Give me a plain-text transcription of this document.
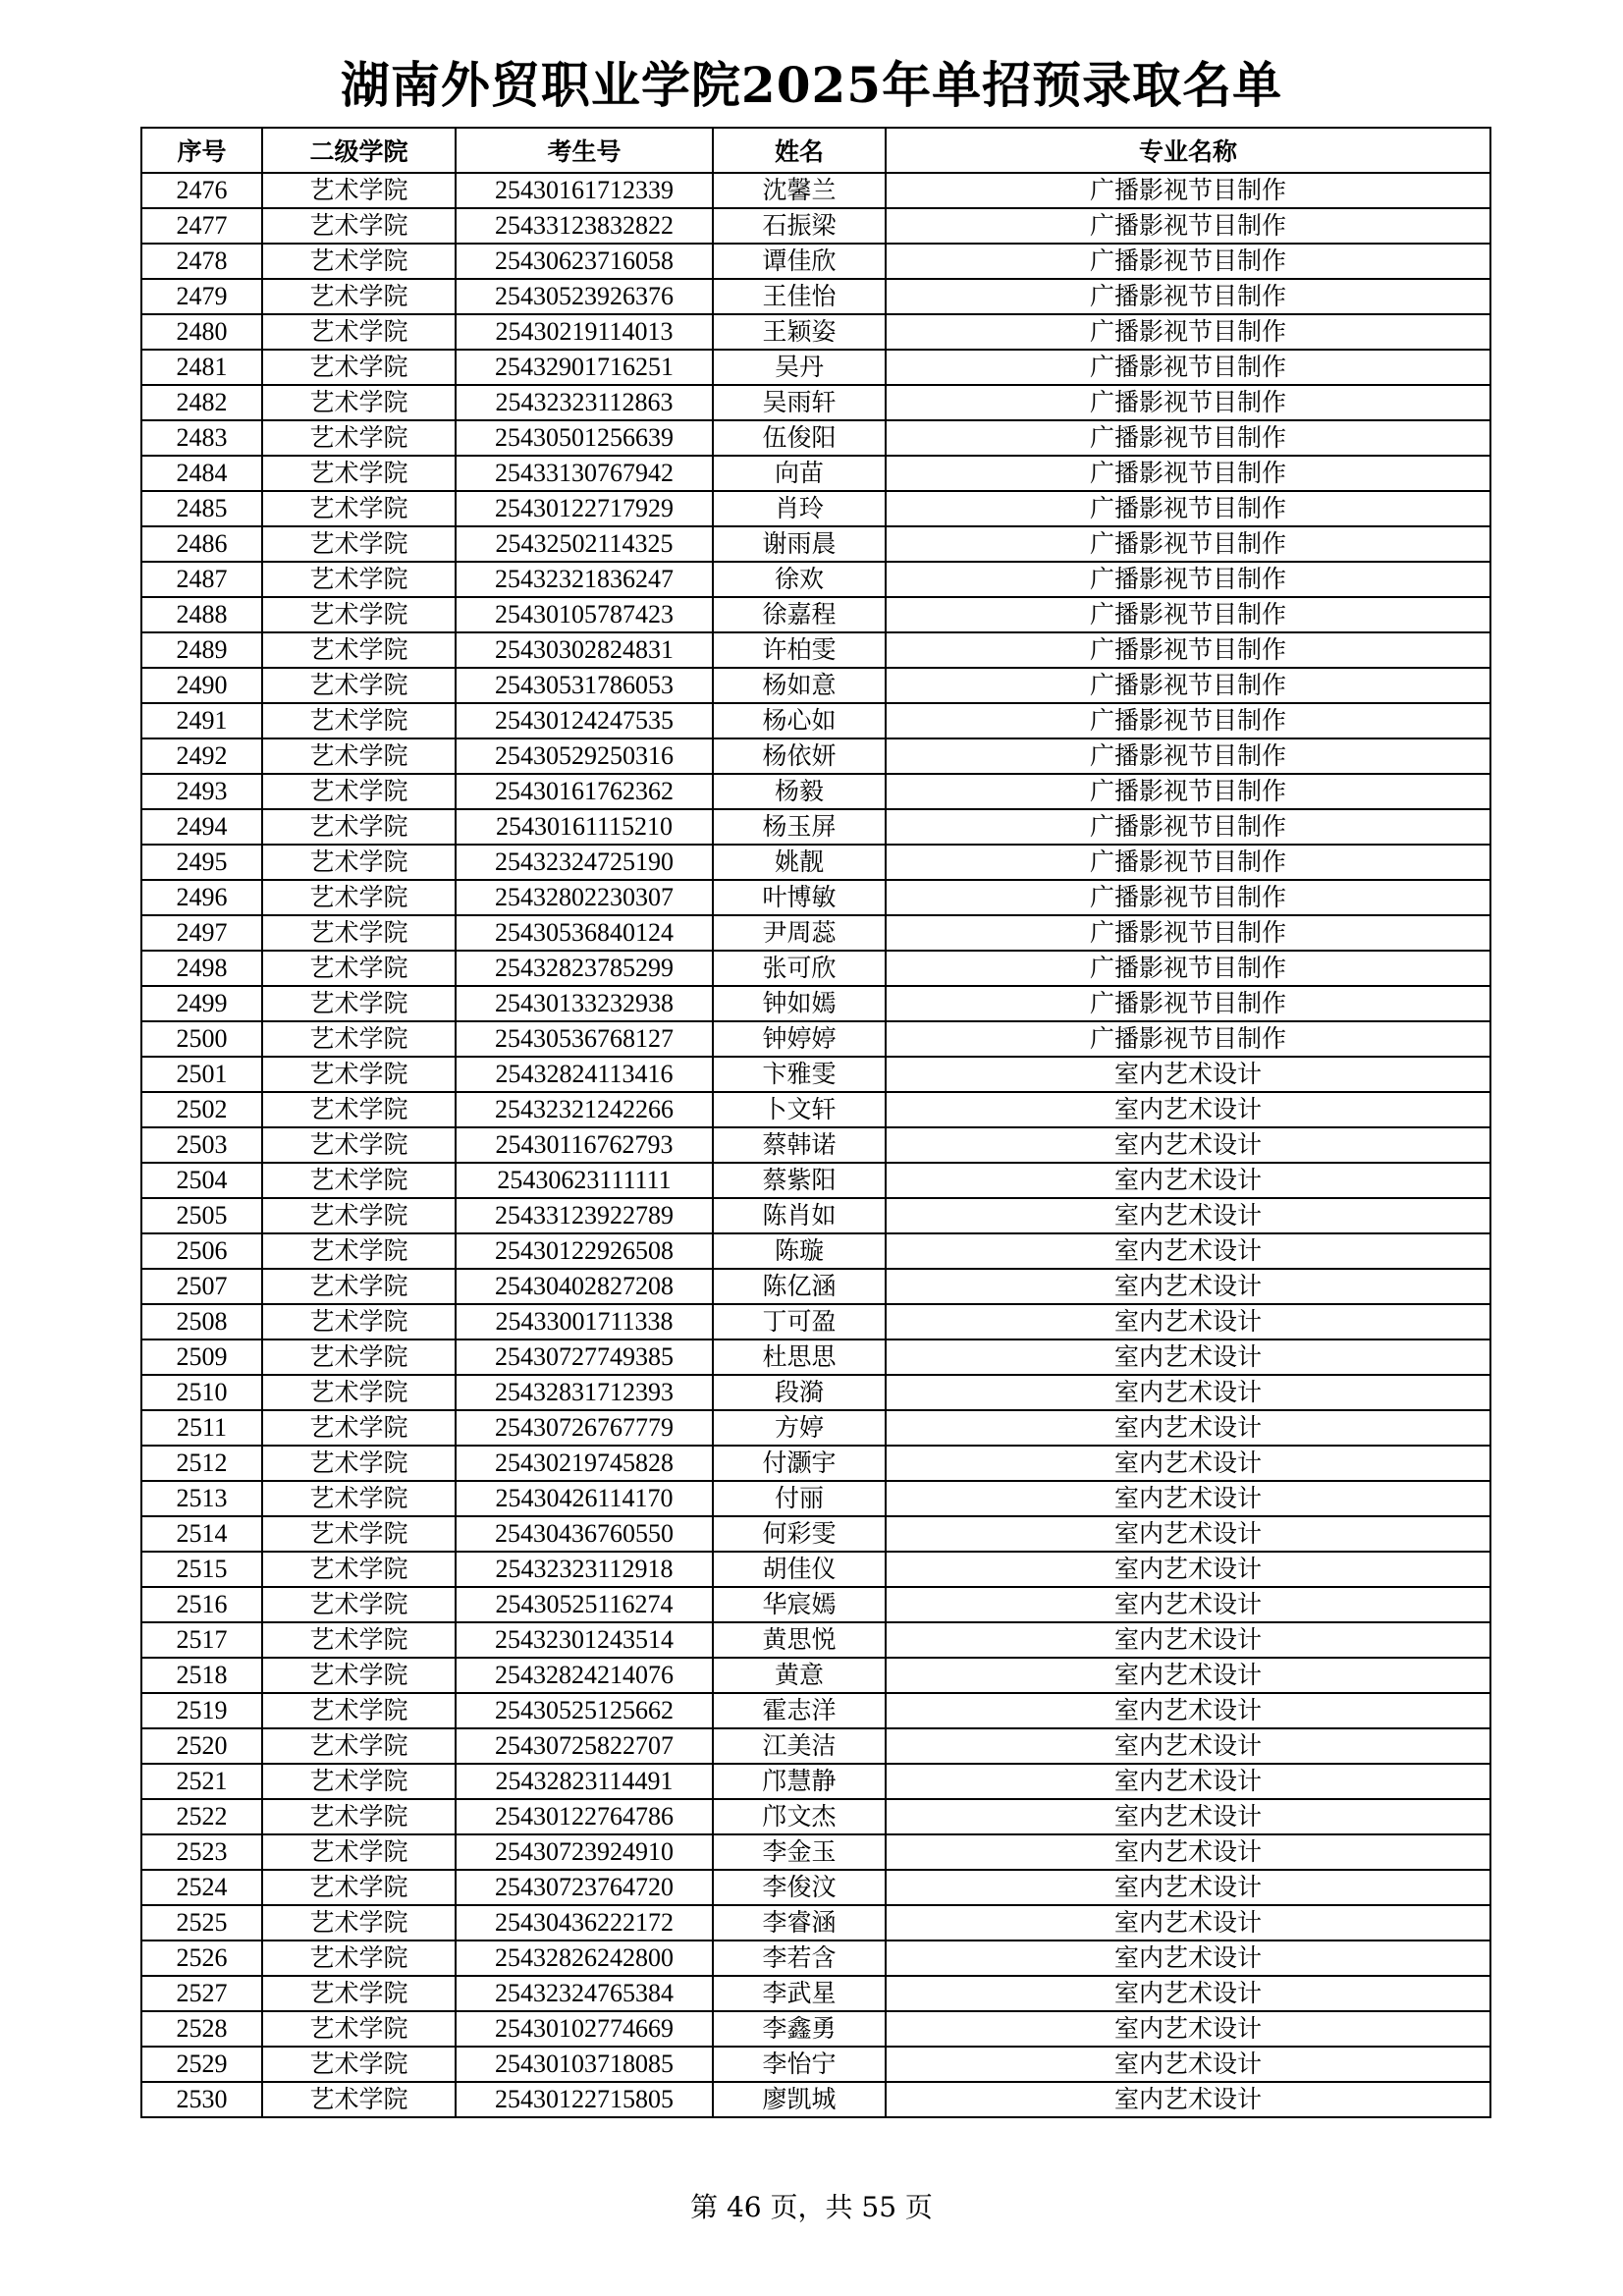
湖南外贸职业学院2025年单招预录取名单
序号	二级学院	考生号	姓名	专业名称
2476	艺术学院	25430161712339	沈馨兰	广播影视节目制作
2477	艺术学院	25433123832822	石振梁	广播影视节目制作
2478	艺术学院	25430623716058	谭佳欣	广播影视节目制作
2479	艺术学院	25430523926376	王佳怡	广播影视节目制作
2480	艺术学院	25430219114013	王颖姿	广播影视节目制作
2481	艺术学院	25432901716251	吴丹	广播影视节目制作
2482	艺术学院	25432323112863	吴雨轩	广播影视节目制作
2483	艺术学院	25430501256639	伍俊阳	广播影视节目制作
2484	艺术学院	25433130767942	向苗	广播影视节目制作
2485	艺术学院	25430122717929	肖玲	广播影视节目制作
2486	艺术学院	25432502114325	谢雨晨	广播影视节目制作
2487	艺术学院	25432321836247	徐欢	广播影视节目制作
2488	艺术学院	25430105787423	徐嘉程	广播影视节目制作
2489	艺术学院	25430302824831	许柏雯	广播影视节目制作
2490	艺术学院	25430531786053	杨如意	广播影视节目制作
2491	艺术学院	25430124247535	杨心如	广播影视节目制作
2492	艺术学院	25430529250316	杨依妍	广播影视节目制作
2493	艺术学院	25430161762362	杨毅	广播影视节目制作
2494	艺术学院	25430161115210	杨玉屏	广播影视节目制作
2495	艺术学院	25432324725190	姚靓	广播影视节目制作
2496	艺术学院	25432802230307	叶博敏	广播影视节目制作
2497	艺术学院	25430536840124	尹周蕊	广播影视节目制作
2498	艺术学院	25432823785299	张可欣	广播影视节目制作
2499	艺术学院	25430133232938	钟如嫣	广播影视节目制作
2500	艺术学院	25430536768127	钟婷婷	广播影视节目制作
2501	艺术学院	25432824113416	卞雅雯	室内艺术设计
2502	艺术学院	25432321242266	卜文轩	室内艺术设计
2503	艺术学院	25430116762793	蔡韩诺	室内艺术设计
2504	艺术学院	25430623111111	蔡紫阳	室内艺术设计
2505	艺术学院	25433123922789	陈肖如	室内艺术设计
2506	艺术学院	25430122926508	陈璇	室内艺术设计
2507	艺术学院	25430402827208	陈亿涵	室内艺术设计
2508	艺术学院	25433001711338	丁可盈	室内艺术设计
2509	艺术学院	25430727749385	杜思思	室内艺术设计
2510	艺术学院	25432831712393	段漪	室内艺术设计
2511	艺术学院	25430726767779	方婷	室内艺术设计
2512	艺术学院	25430219745828	付灏宇	室内艺术设计
2513	艺术学院	25430426114170	付丽	室内艺术设计
2514	艺术学院	25430436760550	何彩雯	室内艺术设计
2515	艺术学院	25432323112918	胡佳仪	室内艺术设计
2516	艺术学院	25430525116274	华宸嫣	室内艺术设计
2517	艺术学院	25432301243514	黄思悦	室内艺术设计
2518	艺术学院	25432824214076	黄意	室内艺术设计
2519	艺术学院	25430525125662	霍志洋	室内艺术设计
2520	艺术学院	25430725822707	江美洁	室内艺术设计
2521	艺术学院	25432823114491	邝慧静	室内艺术设计
2522	艺术学院	25430122764786	邝文杰	室内艺术设计
2523	艺术学院	25430723924910	李金玉	室内艺术设计
2524	艺术学院	25430723764720	李俊汶	室内艺术设计
2525	艺术学院	25430436222172	李睿涵	室内艺术设计
2526	艺术学院	25432826242800	李若含	室内艺术设计
2527	艺术学院	25432324765384	李武星	室内艺术设计
2528	艺术学院	25430102774669	李鑫勇	室内艺术设计
2529	艺术学院	25430103718085	李怡宁	室内艺术设计
2530	艺术学院	25430122715805	廖凯城	室内艺术设计
第 46 页，共 55 页
